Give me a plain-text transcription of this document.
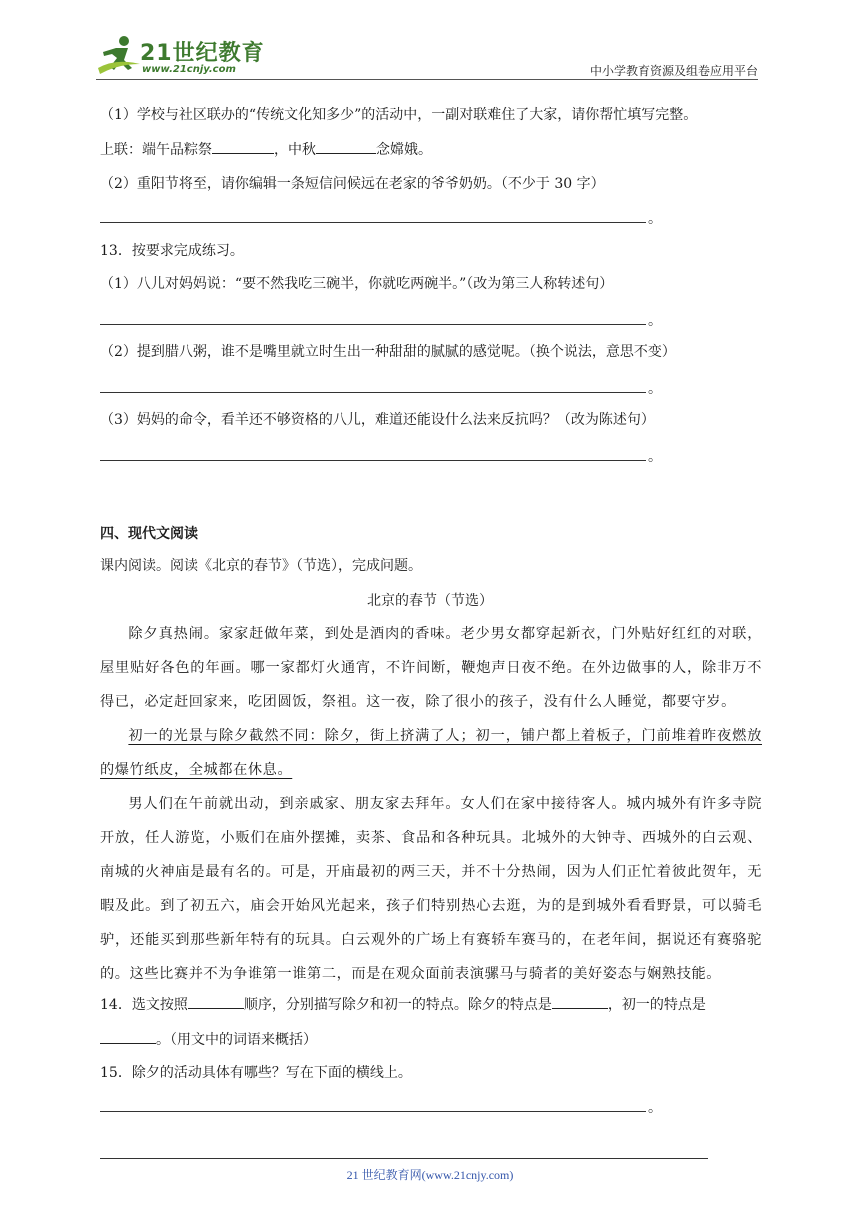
21世纪教育
www.21cnjy.com	中小学教育资源及组卷应用平台
（1）学校与社区联办的“传统文化知多少”的活动中，一副对联难住了大家，请你帮忙填写完整。
上联：端午品粽祭	，中秋	念嫦娥。
（2）重阳节将至，请你编辑一条短信问候远在老家的爷爷奶奶。（不少于 30 字）
。
13．按要求完成练习。
（1）八儿对妈妈说：“要不然我吃三碗半，你就吃两碗半。”（改为第三人称转述句）
。
（2）提到腊八粥，谁不是嘴里就立时生出一种甜甜的腻腻的感觉呢。（换个说法，意思不变）
。
（3）妈妈的命令，看羊还不够资格的八儿，难道还能设什么法来反抗吗？（改为陈述句）
。
四、现代文阅读
课内阅读。阅读《北京的春节》（节选），完成问题。
北京的春节（节选）

除夕真热闹。家家赶做年菜，到处是酒肉的香味。老少男女都穿起新衣，门外贴好红红的对联，屋里贴好各色的年画。哪一家都灯火通宵，不许间断，鞭炮声日夜不绝。在外边做事的人，除非万不得已，必定赶回家来，吃团圆饭，祭祖。这一夜，除了很小的孩子，没有什么人睡觉，都要守岁。

初一的光景与除夕截然不同：除夕，街上挤满了人；初一，铺户都上着板子，门前堆着昨夜燃放的爆竹纸皮，全城都在休息。

男人们在午前就出动，到亲戚家、朋友家去拜年。女人们在家中接待客人。城内城外有许多寺院开放，任人游览，小贩们在庙外摆摊，卖茶、食品和各种玩具。北城外的大钟寺、西城外的白云观、南城的火神庙是最有名的。可是，开庙最初的两三天，并不十分热闹，因为人们正忙着彼此贺年，无暇及此。到了初五六，庙会开始风光起来，孩子们特别热心去逛，为的是到城外看看野景，可以骑毛驴，还能买到那些新年特有的玩具。白云观外的广场上有赛轿车赛马的，在老年间，据说还有赛骆驼的。这些比赛并不为争谁第一谁第二，而是在观众面前表演骡马与骑者的美好姿态与娴熟技能。

14．选文按照	顺序，分别描写除夕和初一的特点。除夕的特点是	，初一的特点是
。（用文中的词语来概括）
15．除夕的活动具体有哪些？写在下面的横线上。
。
21 世纪教育网(www.21cnjy.com)
